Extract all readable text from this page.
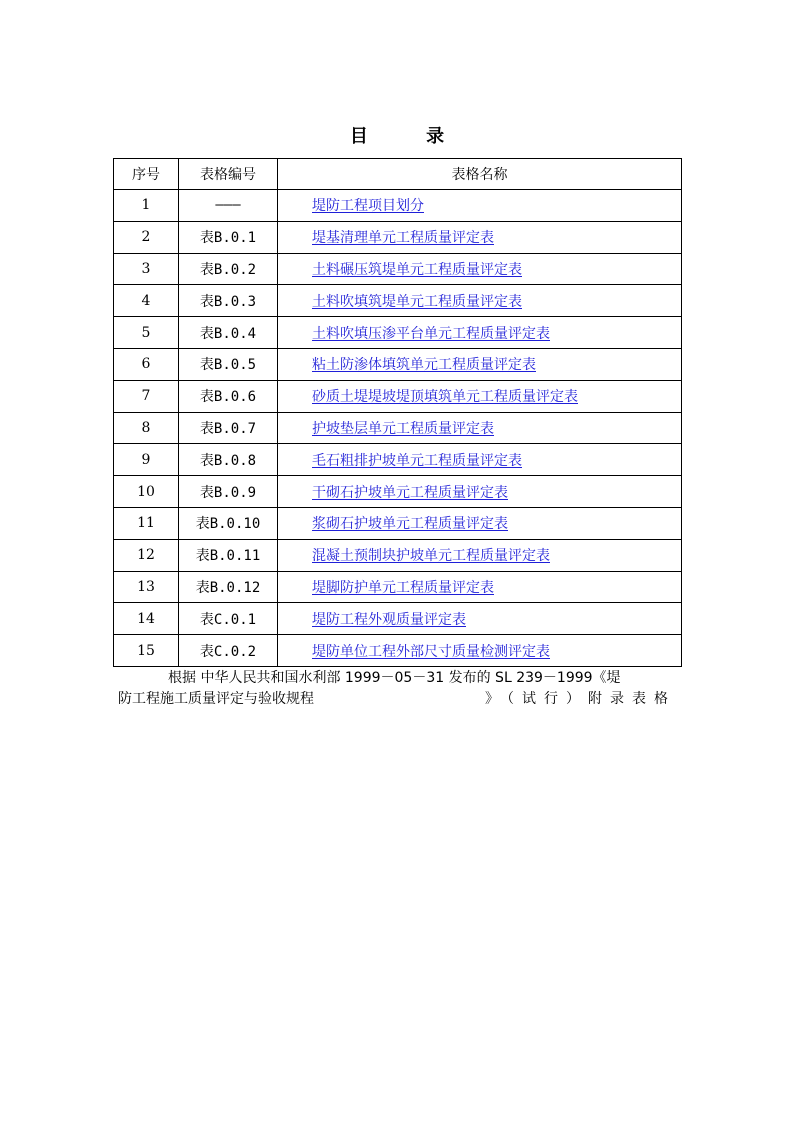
目 录
序号	表格编号	表格名称
1	———	堤防工程项目划分
2	表B.0.1	堤基清理单元工程质量评定表
3	表B.0.2	土料碾压筑堤单元工程质量评定表
4	表B.0.3	土料吹填筑堤单元工程质量评定表
5	表B.0.4	土料吹填压渗平台单元工程质量评定表
6	表B.0.5	粘土防渗体填筑单元工程质量评定表
7	表B.0.6	砂质土堤堤坡堤顶填筑单元工程质量评定表
8	表B.0.7	护坡垫层单元工程质量评定表
9	表B.0.8	毛石粗排护坡单元工程质量评定表
10	表B.0.9	干砌石护坡单元工程质量评定表
11	表B.0.10	浆砌石护坡单元工程质量评定表
12	表B.0.11	混凝土预制块护坡单元工程质量评定表
13	表B.0.12	堤脚防护单元工程质量评定表
14	表C.0.1	堤防工程外观质量评定表
15	表C.0.2	堤防单位工程外部尺寸质量检测评定表
根据 中华人民共和国水利部 1999－05－31 发布的 SL 239－1999《堤
防工程施工质量评定与验收规程	》（试行）附录表格
